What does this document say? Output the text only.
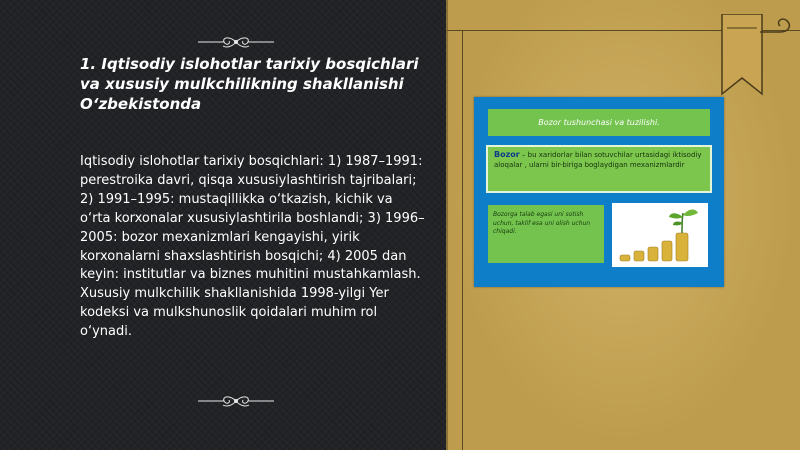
1. Iqtisodiy islohotlar tarixiy bosqichlari va xususiy mulkchilikning shakllanishi O‘zbekistonda

Iqtisodiy islohotlar tarixiy bosqichlari: 1) 1987–1991: perestroika davri, qisqa xususiylashtirish tajribalari; 2) 1991–1995: mustaqillikka o‘tkazish, kichik va o‘rta korxonalar xususiylashtirila boshlandi; 3) 1996–2005: bozor mexanizmlari kengayishi, yirik korxonalarni shaxslashtirish bosqichi; 4) 2005 dan keyin: institutlar va biznes muhitini mustahkamlash. Xususiy mulkchilik shakllanishida 1998-yilgi Yer kodeksi va mulkshunoslik qoidalari muhim rol o‘ynadi.

Bozor tushunchasi va tuzilishi.
Bozor – bu xaridorlar bilan sotuvchilar urtasidagi iktisodiy aloqalar , ularni bir-biriga boglaydigan mexanizmlardir
Bozorga talab egasi uni sotish uchun, taklif esa uni olish uchun chiqadi.
